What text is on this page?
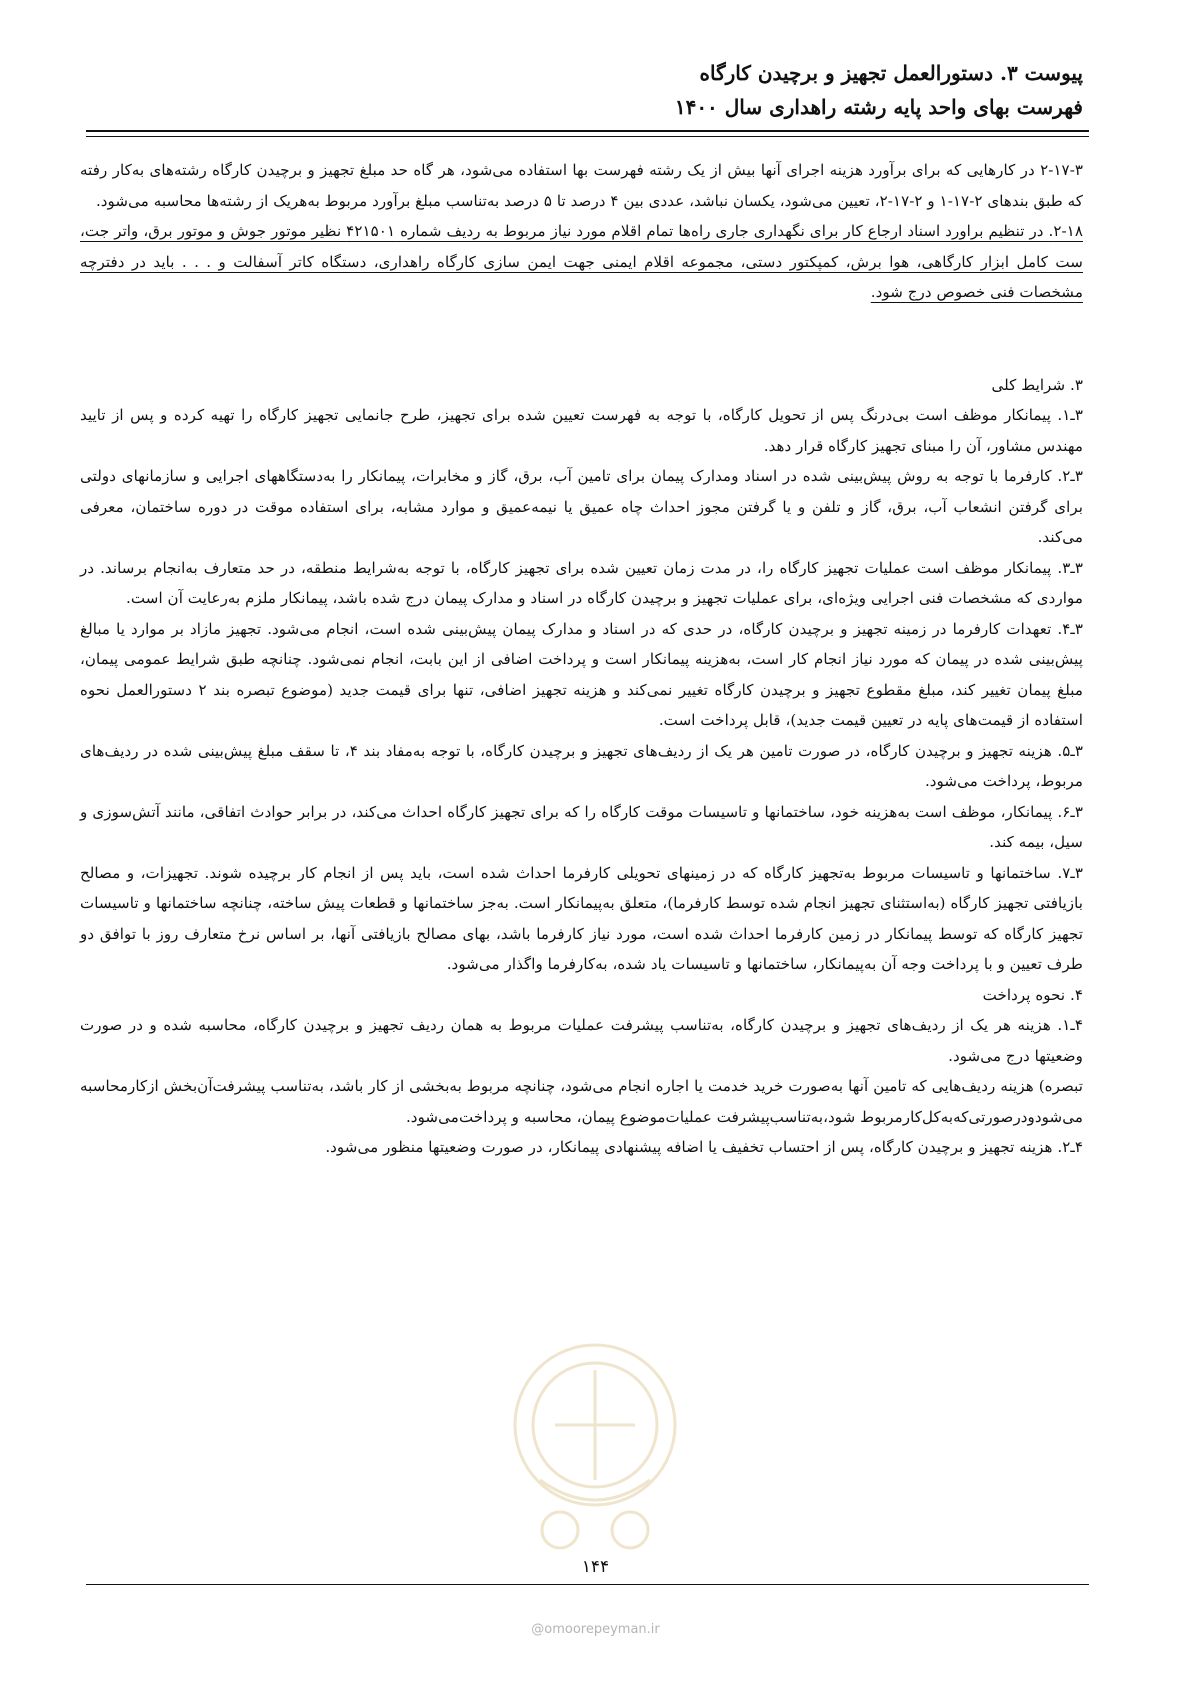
پیوست ۳. دستورالعمل تجهیز و برچیدن کارگاه
فهرست بهای واحد پایه رشته راهداری سال ۱۴۰۰

۲-۱۷-۳ در کارهایی که برای برآورد هزینه اجرای آنها بیش از یک رشته فهرست بها استفاده می‌شود، هر گاه حد مبلغ تجهیز و برچیدن کارگاه رشته‌های به‌کار رفته که طبق بندهای ۲-۱۷-۱ و ۲-۱۷-۲، تعیین می‌شود، یکسان نباشد، عددی بین ۴ درصد تا ۵ درصد به‌تناسب مبلغ برآورد مربوط به‌هریک از رشته‌ها محاسبه می‌شود.

۲-۱۸. در تنظیم براورد اسناد ارجاع کار برای نگهداری جاری راه‌ها تمام اقلام مورد نیاز مربوط به ردیف شماره ۴۲۱۵۰۱ نظیر موتور جوش و موتور برق، واتر جت، ست کامل ابزار کارگاهی، هوا برش، کمپکتور دستی، مجموعه اقلام ایمنی جهت ایمن سازی کارگاه راهداری، دستگاه کاتر آسفالت و . . . باید در دفترچه مشخصات فنی خصوص درج شود.

۳. شرایط کلی

۳ـ۱. پیمانکار موظف است بی‌درنگ پس از تحویل کارگاه، با توجه به فهرست تعیین شده برای تجهیز، طرح جانمایی تجهیز کارگاه را تهیه کرده و پس از تایید مهندس مشاور، آن را مبنای تجهیز کارگاه قرار دهد.

۳ـ۲. کارفرما با توجه به روش پیش‌بینی شده در اسناد ومدارک پیمان برای تامین آب، برق، گاز و مخابرات، پیمانکار را به‌دستگاههای اجرایی و سازمانهای دولتی برای گرفتن انشعاب آب، برق، گاز و تلفن و یا گرفتن مجوز احداث چاه عمیق یا نیمه‌عمیق و موارد مشابه، برای استفاده موقت در دوره ساختمان، معرفی می‌کند.

۳ـ۳. پیمانکار موظف است عملیات تجهیز کارگاه را، در مدت زمان تعیین شده برای تجهیز کارگاه، با توجه به‌شرایط منطقه، در حد متعارف به‌انجام برساند. در مواردی که مشخصات فنی اجرایی ویژه‌ای، برای عملیات تجهیز و برچیدن کارگاه در اسناد و مدارک پیمان درج شده باشد، پیمانکار ملزم به‌رعایت آن است.

۳ـ۴. تعهدات کارفرما در زمینه تجهیز و برچیدن کارگاه، در حدی که در اسناد و مدارک پیمان پیش‌بینی شده است، انجام می‌شود. تجهیز مازاد بر موارد یا مبالغ پیش‌بینی شده در پیمان که مورد نیاز انجام کار است، به‌هزینه پیمانکار است و پرداخت اضافی از این بابت، انجام نمی‌شود. چنانچه طبق شرایط عمومی پیمان، مبلغ پیمان تغییر کند، مبلغ مقطوع تجهیز و برچیدن کارگاه تغییر نمی‌کند و هزینه تجهیز اضافی، تنها برای قیمت جدید (موضوع تبصره بند ۲ دستورالعمل نحوه استفاده از قیمت‌های پایه در تعیین قیمت جدید)، قابل پرداخت است.

۳ـ۵. هزینه تجهیز و برچیدن کارگاه، در صورت تامین هر یک از ردیف‌های تجهیز و برچیدن کارگاه، با توجه به‌مفاد بند ۴، تا سقف مبلغ پیش‌بینی شده در ردیف‌های مربوط، پرداخت می‌شود.

۳ـ۶. پیمانکار، موظف است به‌هزینه خود، ساختمانها و تاسیسات موقت کارگاه را که برای تجهیز کارگاه احداث می‌کند، در برابر حوادث اتفاقی، مانند آتش‌سوزی و سیل، بیمه کند.

۳ـ۷. ساختمانها و تاسیسات مربوط به‌تجهیز کارگاه که در زمینهای تحویلی کارفرما احداث شده است، باید پس از انجام کار برچیده شوند. تجهیزات، و مصالح بازیافتی تجهیز کارگاه (به‌استثنای تجهیز انجام شده توسط کارفرما)، متعلق به‌پیمانکار است. به‌جز ساختمانها و قطعات پیش ساخته، چنانچه ساختمانها و تاسیسات تجهیز کارگاه که توسط پیمانکار در زمین کارفرما احداث شده است، مورد نیاز کارفرما باشد، بهای مصالح بازیافتی آنها، بر اساس نرخ متعارف روز با توافق دو طرف تعیین و با پرداخت وجه آن به‌پیمانکار، ساختمانها و تاسیسات یاد شده، به‌کارفرما واگذار می‌شود.

۴. نحوه پرداخت

۴ـ۱. هزینه هر یک از ردیف‌های تجهیز و برچیدن کارگاه، به‌تناسب پیشرفت عملیات مربوط به همان ردیف تجهیز و برچیدن کارگاه، محاسبه شده و در صورت وضعیتها درج می‌شود.

تبصره) هزینه ردیف‌هایی که تامین آنها به‌صورت خرید خدمت یا اجاره انجام می‌شود، چنانچه مربوط به‌بخشی از کار باشد، به‌تناسب پیشرفت‌آن‌بخش ازکارمحاسبه می‌شودودرصورتی‌که‌به‌کل‌کارمربوط شود،به‌تناسب‌پیشرفت عملیات‌موضوع پیمان، محاسبه و پرداخت‌می‌شود.

۴ـ۲. هزینه تجهیز و برچیدن کارگاه، پس از احتساب تخفیف یا اضافه پیشنهادی پیمانکار، در صورت وضعیتها منظور می‌شود.

۱۴۴
@omoorepeyman.ir
